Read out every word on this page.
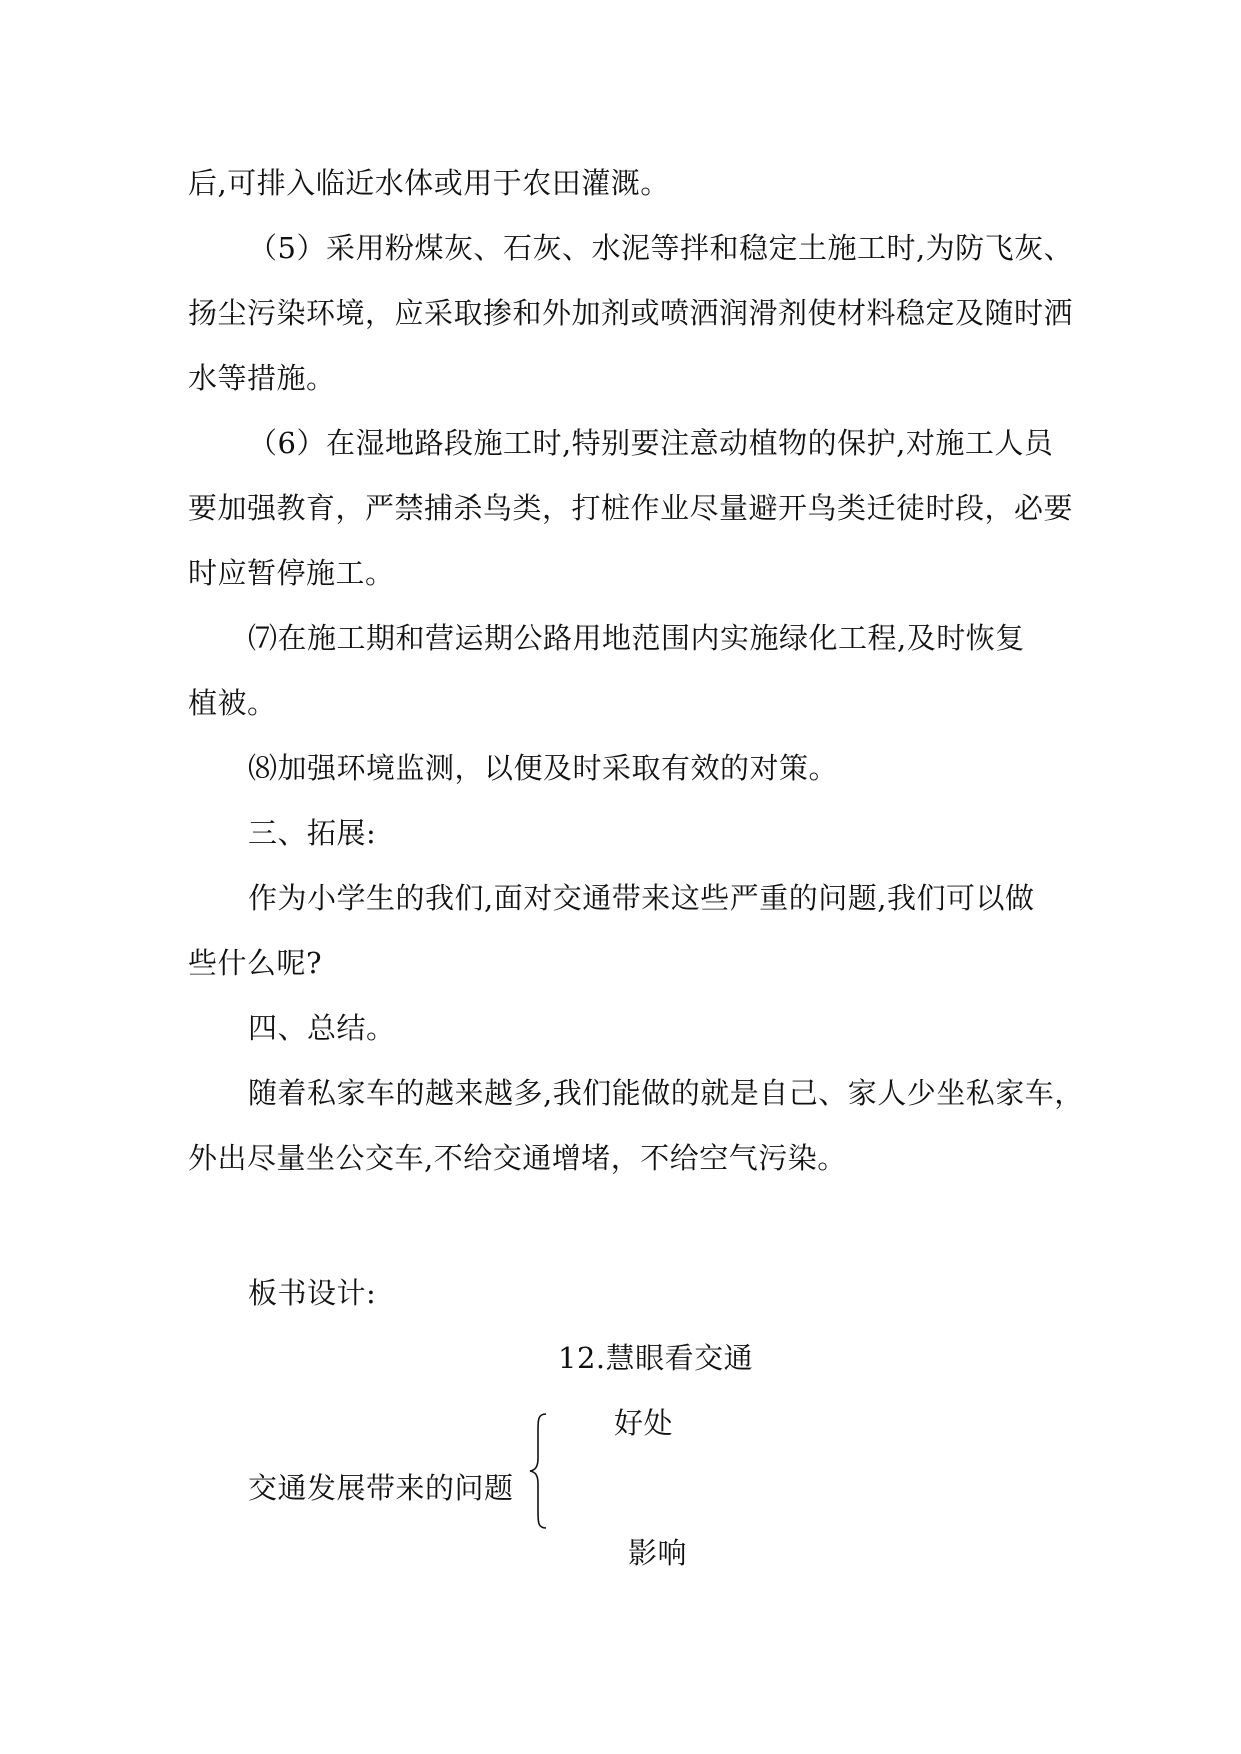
后,可排入临近水体或用于农田灌溉。
（5）采用粉煤灰、石灰、水泥等拌和稳定土施工时,为防飞灰、
扬尘污染环境，应采取掺和外加剂或喷洒润滑剂使材料稳定及随时洒
水等措施。
（6）在湿地路段施工时,特别要注意动植物的保护,对施工人员
要加强教育，严禁捕杀鸟类，打桩作业尽量避开鸟类迁徒时段，必要
时应暂停施工。
⑺在施工期和营运期公路用地范围内实施绿化工程,及时恢复
植被。
⑻加强环境监测，以便及时采取有效的对策。
三、拓展:
作为小学生的我们,面对交通带来这些严重的问题,我们可以做
些什么呢?
四、总结。
随着私家车的越来越多,我们能做的就是自己、家人少坐私家车，
外出尽量坐公交车,不给交通增堵，不给空气污染。
板书设计:
12.慧眼看交通
好处
交通发展带来的问题
影响
